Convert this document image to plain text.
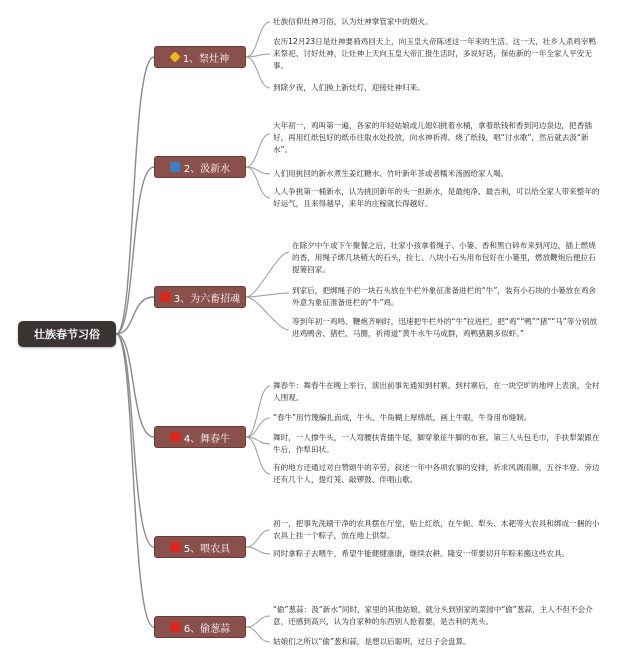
壮族春节习俗
1、祭灶神
2、汲新水
3、为六畜招魂
4、舞春牛
5、喂农具
6、偷葱蒜
壮族信仰灶神习俗，认为灶神掌管家中的烟火。
农历12月23日是灶神要骑鸡回天上，向玉皇大帝陈述这一年来的生活。这一天，壮乡人杀鸡宰鸭来祭祀、讨好灶神，让灶神上天向玉皇大帝汇报生活时，多说好话，保佑新的一年全家人平安无事。
到除夕夜，人们换上新灶灯，迎接灶神归来。
大年初一，鸡叫第一遍，各家的年轻姑娘或儿媳妇挑着水桶，拿着纸钱和香到河边泉边，把香插好，再用红纸包好的纸币往取水处投放，向水神祈祷。烧了纸钱，唱“讨水歌”，然后就去汲“新水”。
人们用挑回的新水煮生姜红糖水、竹叶新年茶或者糯米汤圆给家人喝。
人人争挑第一桶新水，认为挑回新年的头一担新水，是最纯净、最吉利，可以给全家人带来整年的好运气，且来得越早，来年的庄稼就长得越好。
在除夕中午或下午聚餐之后，壮家小孩拿着绳子、小篓、香和黑白碎布来到河边，插上燃烧的香，用绳子绑几块稍大的石头，捡七、八块小石头用布包好在小篓里，燃放鞭炮后便拉石提篓回家。
到家后，把绑绳子的一块石头放在牛栏外象征准备进栏的“牛”，装有小石块的小篓放在鸡舍外意为象征准备进栏的“牛”鸡。
等到年初一鸡鸣、鞭炮齐响时，迅速把牛栏外的“牛”拉进栏，把“鸡”“鸭”“猪”“马”等分别放进鸡鸭舍、猪栏、马圈，祈祷道“黄牛水牛马成群，鸡鸭猪鹅多似虾。”
舞春牛：舞春牛在晚上举行，演出前事先通知到村寨。到村寨后，在一块空旷的地坪上表演，全村人围观。
“春牛”用竹篾编扎而成，牛头、牛角糊上厚绵纸，画上牛眼，牛身用布缝制。
舞时，一人撑牛头，一人弯腰扶背擂牛尾，脚穿象征牛脚的布套。第三人头包毛巾，手扶犁架跟在牛后，作犁田状。
有的地方还通过对白赞颂牛的辛劳，叙述一年中各项农事的安排，祈求风调雨顺，五谷丰登。旁边还有几个人，提灯笼、敲锣鼓、伴唱山歌。
初一，把事先洗刷干净的农具摆在厅堂，贴上红纸，在牛轭、犁头、木耙等大农具和绑成一捆的小农具上挂一个粽子，放在地上供祭。
同时拿粽子去喂牛，希望牛能健健康康，继续农耕。隆安一带要切开年粽来搬这些农具。
“偷”葱蒜：汲“新水”同时，家里的其他姑娘，就分头到别家的菜园中“偷”葱蒜，主人不但不会介意，还感到高兴，认为自家种的东西别人抢着要，是吉利的兆头。
姑娘们之所以“偷”葱和蒜，是想以后聪明，过日子会盘算。
